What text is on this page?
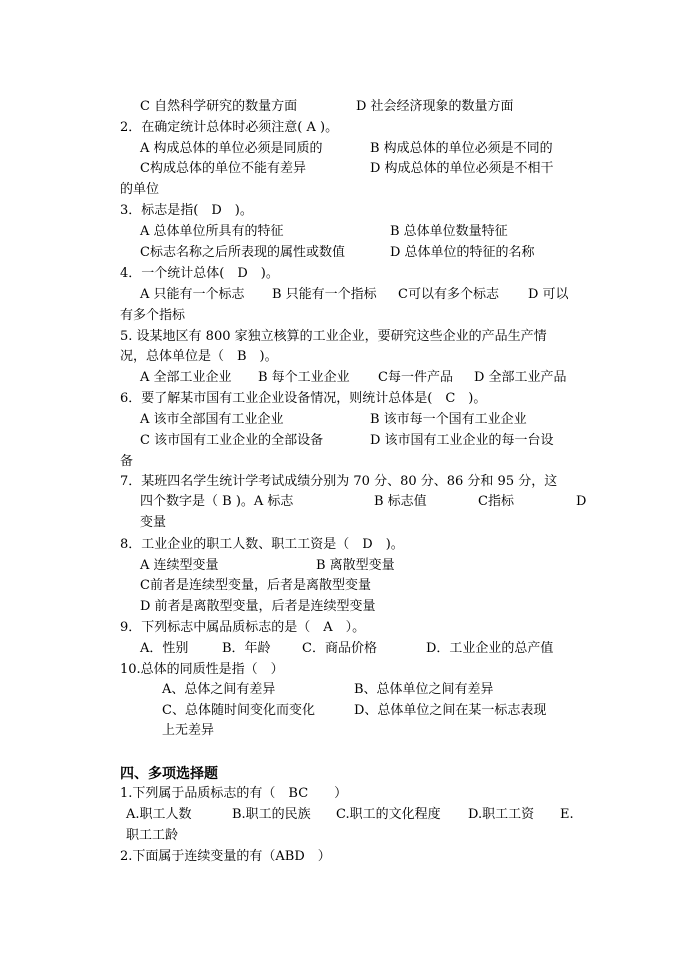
C 自然科学研究的数量方面	D 社会经济现象的数量方面
2．在确定统计总体时必须注意( A )。
A 构成总体的单位必须是同质的	B 构成总体的单位必须是不同的
C构成总体的单位不能有差异	D 构成总体的单位必须是不相干
的单位
3．标志是指(　D　)。
A 总体单位所具有的特征	B 总体单位数量特征
C标志名称之后所表现的属性或数值	D 总体单位的特征的名称
4．一个统计总体(　D　)。
A 只能有一个标志 B 只能有一个指标 C可以有多个标志 D 可以
有多个指标
5. 设某地区有 800 家独立核算的工业企业，要研究这些企业的产品生产情
况，总体单位是（　B　)。
A 全部工业企业 B 每个工业企业 C每一件产品 D 全部工业产品
6．要了解某市国有工业企业设备情况，则统计总体是(　C　)。
A 该市全部国有工业企业	B 该市每一个国有工业企业
C 该市国有工业企业的全部设备	D 该市国有工业企业的每一台设
备
7．某班四名学生统计学考试成绩分别为 70 分、80 分、86 分和 95 分，这
四个数字是（ B )。A 标志	B 标志值	C指标	D
变量
8．工业企业的职工人数、职工工资是（　D　)。
A 连续型变量	B 离散型变量
C前者是连续型变量，后者是离散型变量
D 前者是离散型变量，后者是连续型变量
9．下列标志中属品质标志的是（　A　）。
A．性别	B．年龄 C．商品价格	D．工业企业的总产值
10.总体的同质性是指（　）
A、总体之间有差异	B、总体单位之间有差异
C、总体随时间变化而变化	D、总体单位之间在某一标志表现
上无差异
四、多项选择题
1.下列属于品质标志的有（　BC　　）
A.职工人数	B.职工的民族 C.职工的文化程度 D.职工工资 E.
职工工龄
2.下面属于连续变量的有（ABD　）
